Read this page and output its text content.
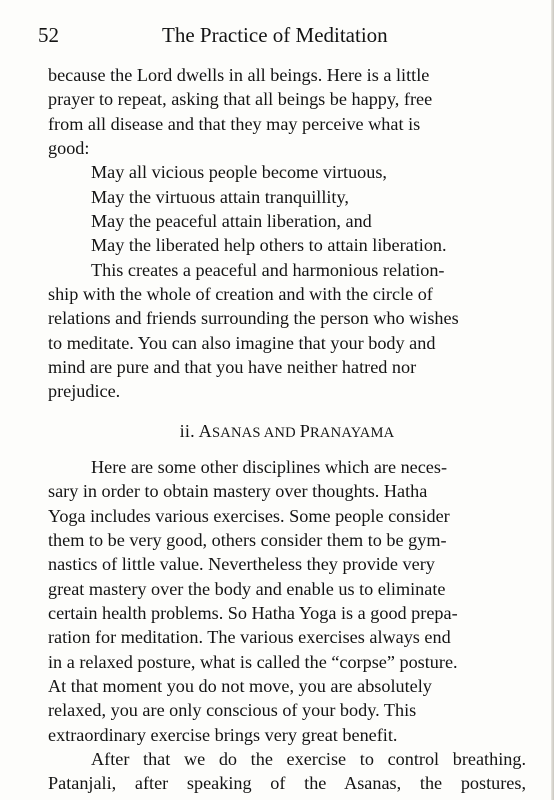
52	The Practice of Meditation

because the Lord dwells in all beings. Here is a little
prayer to repeat, asking that all beings be happy, free
from all disease and that they may perceive what is
good:

May all vicious people become virtuous,

May the virtuous attain tranquillity,

May the peaceful attain liberation, and

May the liberated help others to attain liberation.

This creates a peaceful and harmonious relation-
ship with the whole of creation and with the circle of
relations and friends surrounding the person who wishes
to meditate. You can also imagine that your body and
mind are pure and that you have neither hatred nor
prejudice.

ii. ASANAS AND PRANAYAMA

Here are some other disciplines which are neces-
sary in order to obtain mastery over thoughts. Hatha
Yoga includes various exercises. Some people consider
them to be very good, others consider them to be gym-
nastics of little value. Nevertheless they provide very
great mastery over the body and enable us to eliminate
certain health problems. So Hatha Yoga is a good prepa-
ration for meditation. The various exercises always end
in a relaxed posture, what is called the “corpse” posture.
At that moment you do not move, you are absolutely
relaxed, you are only conscious of your body. This
extraordinary exercise brings very great benefit.

After that we do the exercise to control breathing.
Patanjali, after speaking of the Asanas, the postures,
